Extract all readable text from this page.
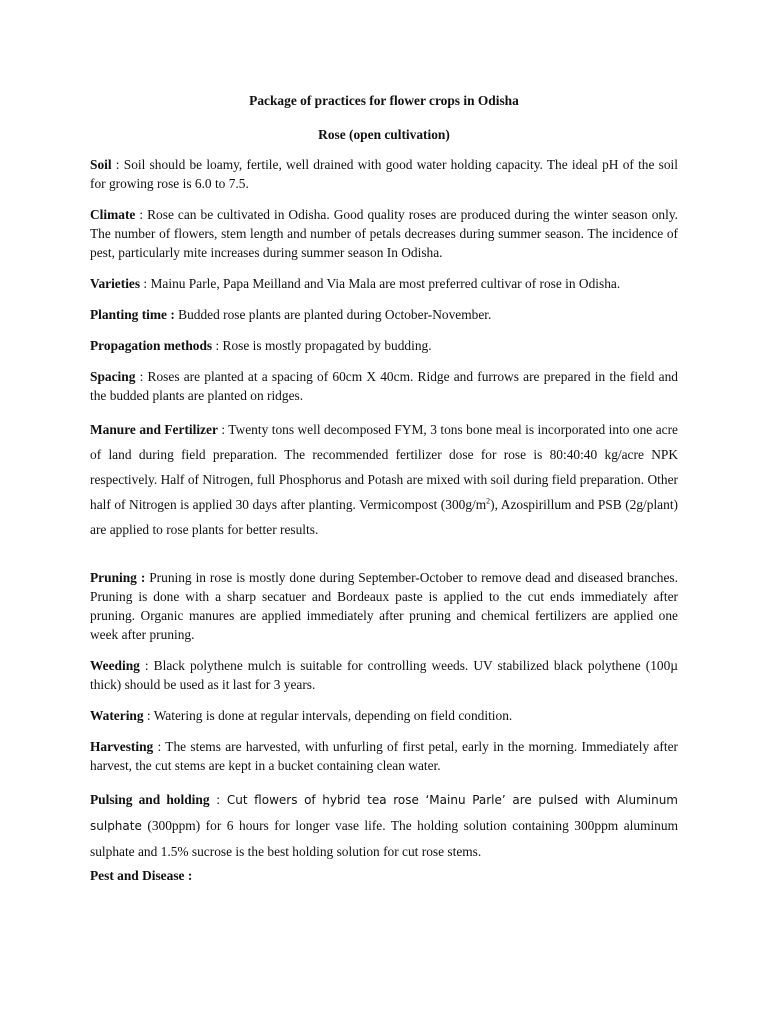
Package of practices for flower crops in Odisha
Rose (open cultivation)

Soil : Soil should be loamy, fertile, well drained with good water holding capacity. The ideal pH of the soil for growing rose is 6.0 to 7.5.

Climate : Rose can be cultivated in Odisha. Good quality roses are produced during the winter season only. The number of flowers, stem length and number of petals decreases during summer season. The incidence of pest, particularly mite increases during summer season In Odisha.

Varieties : Mainu Parle, Papa Meilland and Via Mala are most preferred cultivar of rose in Odisha.

Planting time : Budded rose plants are planted during October-November.

Propagation methods : Rose is mostly propagated by budding.

Spacing : Roses are planted at a spacing of 60cm X 40cm. Ridge and furrows are prepared in the field and the budded plants are planted on ridges.

Manure and Fertilizer : Twenty tons well decomposed FYM, 3 tons bone meal is incorporated into one acre of land during field preparation. The recommended fertilizer dose for rose is 80:40:40 kg/acre NPK respectively. Half of Nitrogen, full Phosphorus and Potash are mixed with soil during field preparation. Other half of Nitrogen is applied 30 days after planting. Vermicompost $(300g/m^2)$, Azospirillum and PSB (2g/plant) are applied to rose plants for better results.

Pruning : Pruning in rose is mostly done during September-October to remove dead and diseased branches. Pruning is done with a sharp secatuer and Bordeaux paste is applied to the cut ends immediately after pruning. Organic manures are applied immediately after pruning and chemical fertilizers are applied one week after pruning.

Weeding : Black polythene mulch is suitable for controlling weeds. UV stabilized black polythene (100µ thick) should be used as it last for 3 years.

Watering : Watering is done at regular intervals, depending on field condition.

Harvesting : The stems are harvested, with unfurling of first petal, early in the morning. Immediately after harvest, the cut stems are kept in a bucket containing clean water.

Pulsing and holding : Cut flowers of hybrid tea rose ‘Mainu Parle’ are pulsed with Aluminum sulphate (300ppm) for 6 hours for longer vase life. The holding solution containing 300ppm aluminum sulphate and 1.5% sucrose is the best holding solution for cut rose stems.

Pest and Disease :
